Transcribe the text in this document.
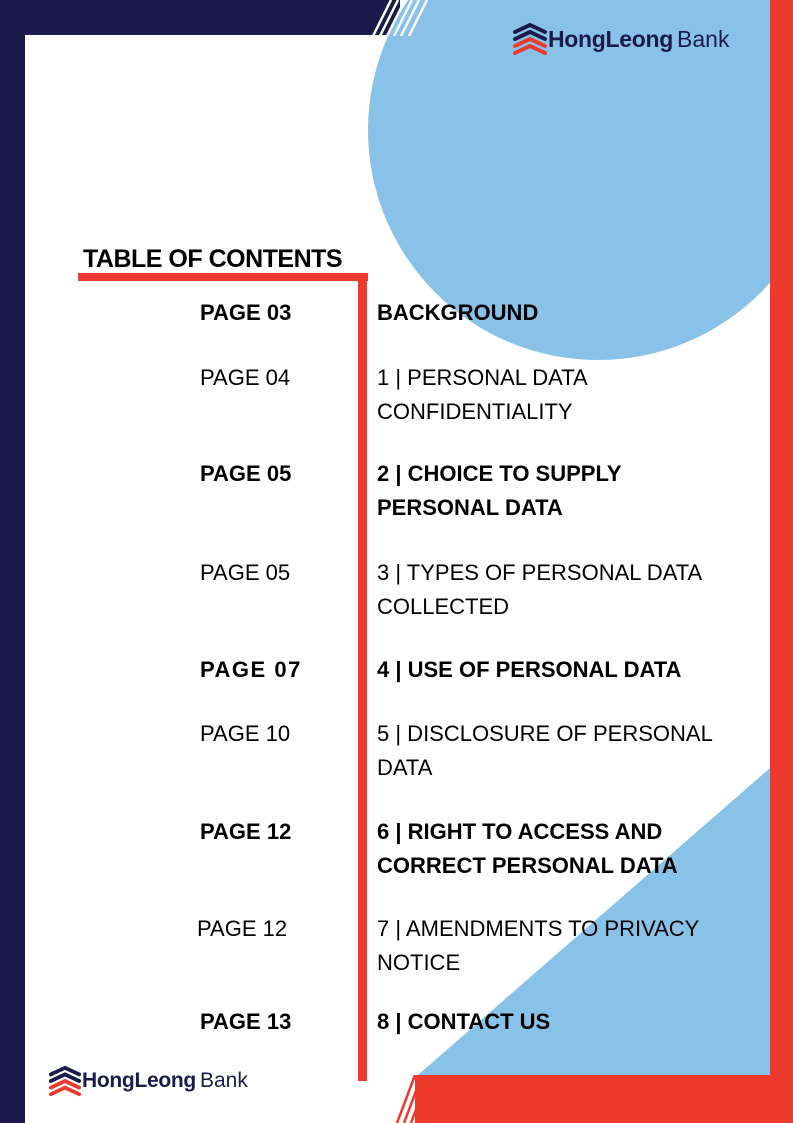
HongLeong Bank
TABLE OF CONTENTS
PAGE 03	BACKGROUND
PAGE 04	1 | PERSONAL DATA CONFIDENTIALITY
PAGE 05	2 | CHOICE TO SUPPLY PERSONAL DATA
PAGE 05	3 | TYPES OF PERSONAL DATA COLLECTED
PAGE 07	4 | USE OF PERSONAL DATA
PAGE 10	5 | DISCLOSURE OF PERSONAL DATA
PAGE 12	6 | RIGHT TO ACCESS AND CORRECT PERSONAL DATA
PAGE 12	7 | AMENDMENTS TO PRIVACY NOTICE
PAGE 13	8 | CONTACT US
HongLeong Bank
